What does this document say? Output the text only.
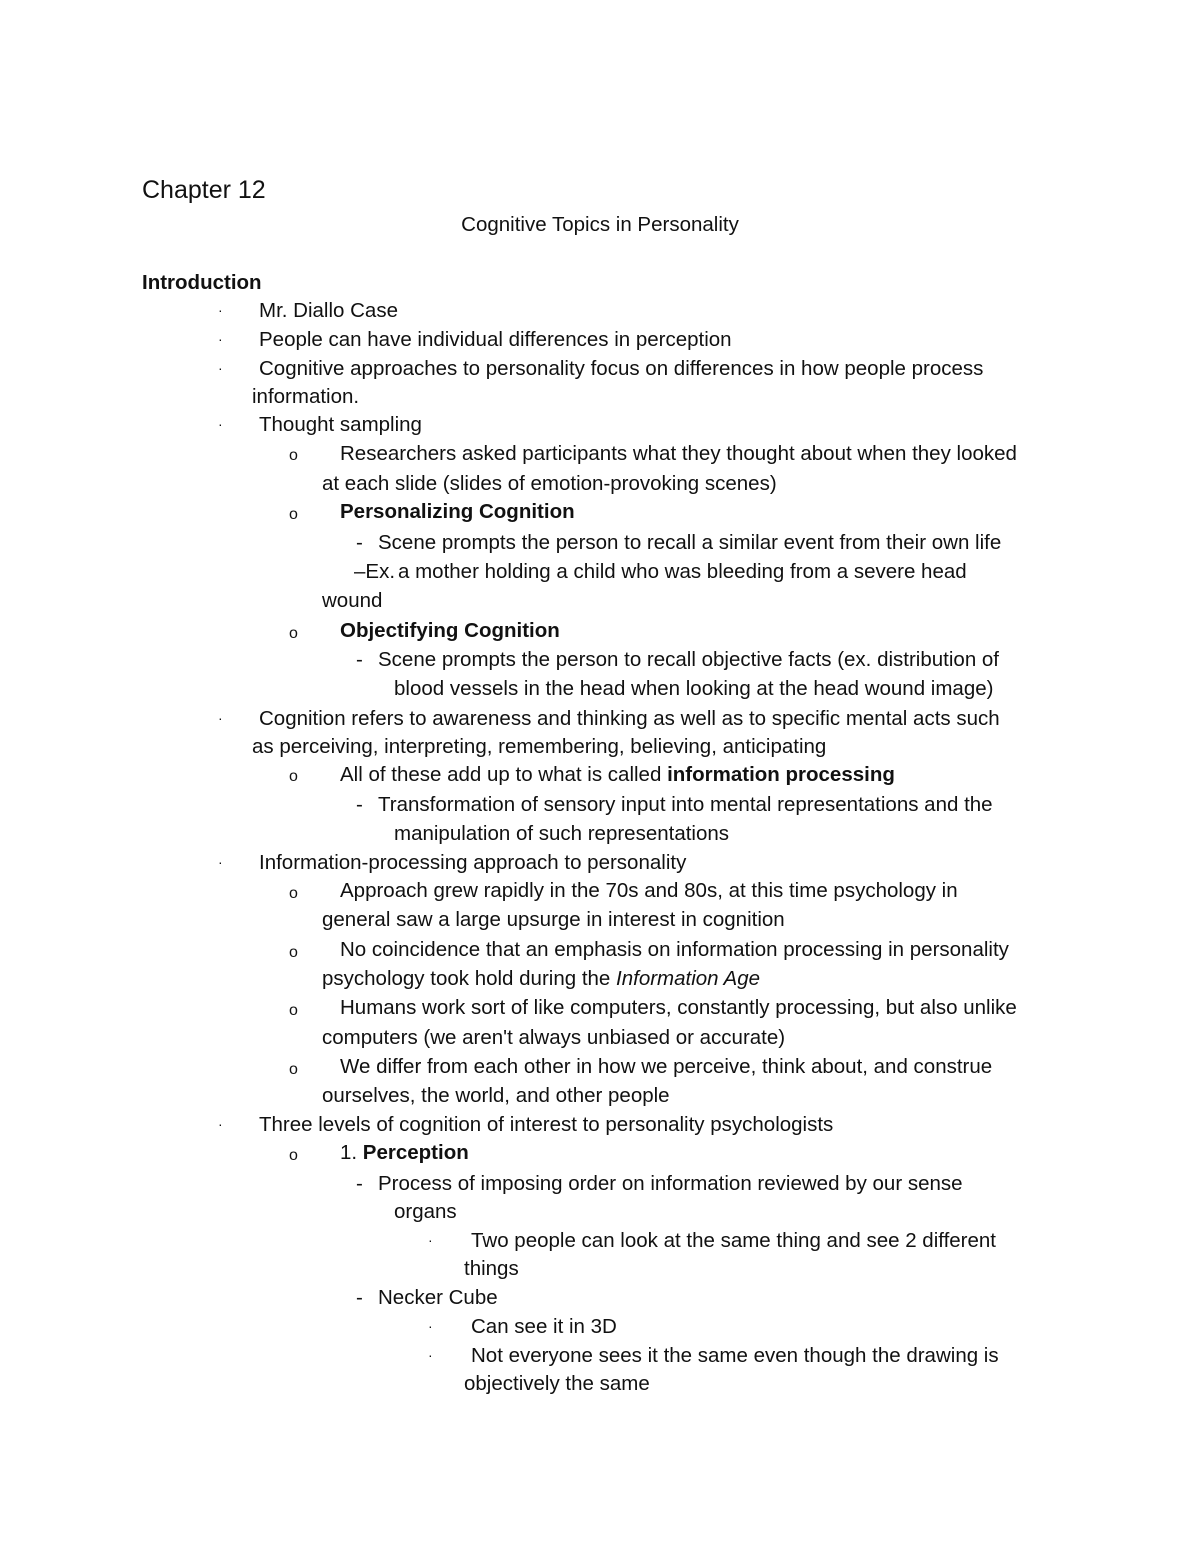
Chapter 12
Cognitive Topics in Personality
Introduction
· Mr. Diallo Case
· People can have individual differences in perception
· Cognitive approaches to personality focus on differences in how people process
information.
· Thought sampling
o Researchers asked participants what they thought about when they looked
at each slide (slides of emotion-provoking scenes)
o Personalizing Cognition
- Scene prompts the person to recall a similar event from their own life
–Ex. a mother holding a child who was bleeding from a severe head
wound
o Objectifying Cognition
- Scene prompts the person to recall objective facts (ex. distribution of
blood vessels in the head when looking at the head wound image)
· Cognition refers to awareness and thinking as well as to specific mental acts such
as perceiving, interpreting, remembering, believing, anticipating
o All of these add up to what is called information processing
- Transformation of sensory input into mental representations and the
manipulation of such representations
· Information-processing approach to personality
o Approach grew rapidly in the 70s and 80s, at this time psychology in
general saw a large upsurge in interest in cognition
o No coincidence that an emphasis on information processing in personality
psychology took hold during the Information Age
o Humans work sort of like computers, constantly processing, but also unlike
computers (we aren't always unbiased or accurate)
o We differ from each other in how we perceive, think about, and construe
ourselves, the world, and other people
· Three levels of cognition of interest to personality psychologists
o 1. Perception
- Process of imposing order on information reviewed by our sense
organs
· Two people can look at the same thing and see 2 different
things
- Necker Cube
· Can see it in 3D
· Not everyone sees it the same even though the drawing is
objectively the same
